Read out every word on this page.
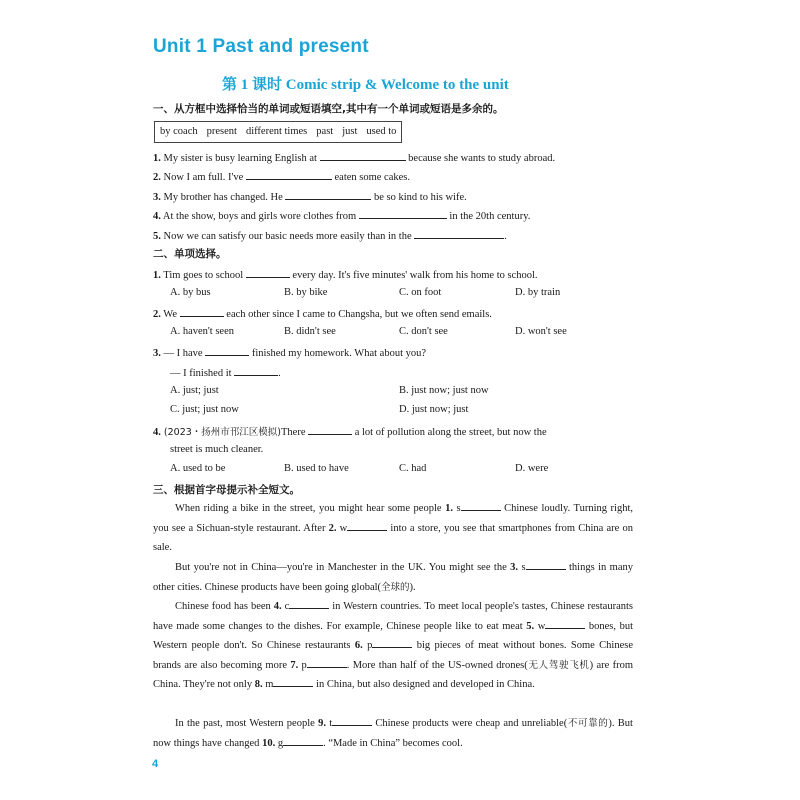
Unit 1 Past and present
第 1 课时 Comic strip & Welcome to the unit
一、从方框中选择恰当的单词或短语填空,其中有一个单词或短语是多余的。
by coach present different times past just used to
1. My sister is busy learning English at	because she wants to study abroad.
2. Now I am full. I've	eaten some cakes.
3. My brother has changed. He	be so kind to his wife.
4. At the show, boys and girls wore clothes from	in the 20th century.
5. Now we can satisfy our basic needs more easily than in the	.
二、单项选择。
1. Tim goes to school	every day. It's five minutes' walk from his home to school.
A. by bus	B. by bike	C. on foot	D. by train
2. We	each other since I came to Changsha, but we often send emails.
A. haven't seen	B. didn't see	C. don't see	D. won't see
3. — I have	finished my homework. What about you?
— I finished it	.
A. just; just	B. just now; just now
C. just; just now	D. just now; just
4. (2023・扬州市邗江区模拟)There	a lot of pollution along the street, but now the
street is much cleaner.
A. used to be	B. used to have	C. had	D. were
三、根据首字母提示补全短文。
When riding a bike in the street, you might hear some people 1. s	Chinese loudly. Turning right, you see a Sichuan-style restaurant. After 2. w	into a store, you see that smartphones from China are on sale.
But you're not in China—you're in Manchester in the UK. You might see the 3. s	things in many other cities. Chinese products have been going global(全球的).
Chinese food has been 4. c	in Western countries. To meet local people's tastes, Chinese restaurants have made some changes to the dishes. For example, Chinese people like to eat meat 5. w	bones, but Western people don't. So Chinese restaurants 6. p	big pieces of meat without bones. Some Chinese brands are also becoming more 7. p	. More than half of the US-owned drones(无人驾驶飞机) are from China. They're not only 8. m	in China, but also designed and developed in China.
In the past, most Western people 9. t	Chinese products were cheap and unreliable(不可靠的). But now things have changed 10. g	. “Made in China” becomes cool.
4
